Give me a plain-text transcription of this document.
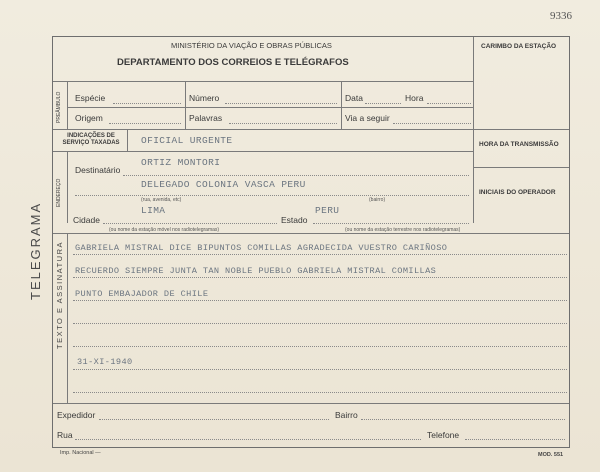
9336
TELEGRAMA
MINISTÉRIO DA VIAÇÃO E OBRAS PÚBLICAS
DEPARTAMENTO DOS CORREIOS E TELÉGRAFOS
CARIMBO DA ESTAÇÃO
PREÂMBULO Espécie	Número	Data	Hora
Origem	Palavras	Via a seguir
INDICAÇÕES DE SERVIÇO TAXADAS	OFICIAL URGENTE	HORA DA TRANSMISSÃO
ENDEREÇO	INICIAIS DO OPERADOR
Destinatário
ORTIZ MONTORI
DELEGADO COLONIA VASCA PERU
(rua, avenida, etc)	(bairro)
LIMA	PERU
Cidade	Estado
(ou nome da estação móvel nos radiotelegramas)	(ou nome da estação terrestre nos radiotelegramas)
TEXTO E ASSINATURA GABRIELA MISTRAL DICE BIPUNTOS COMILLAS AGRADECIDA VUESTRO CARIÑOSO
RECUERDO SIEMPRE JUNTA TAN NOBLE PUEBLO GABRIELA MISTRAL COMILLAS
PUNTO EMBAJADOR DE CHILE
31-XI-1940
Expedidor	Bairro
Rua	Telefone
Imp. Nacional —	MOD. 551
